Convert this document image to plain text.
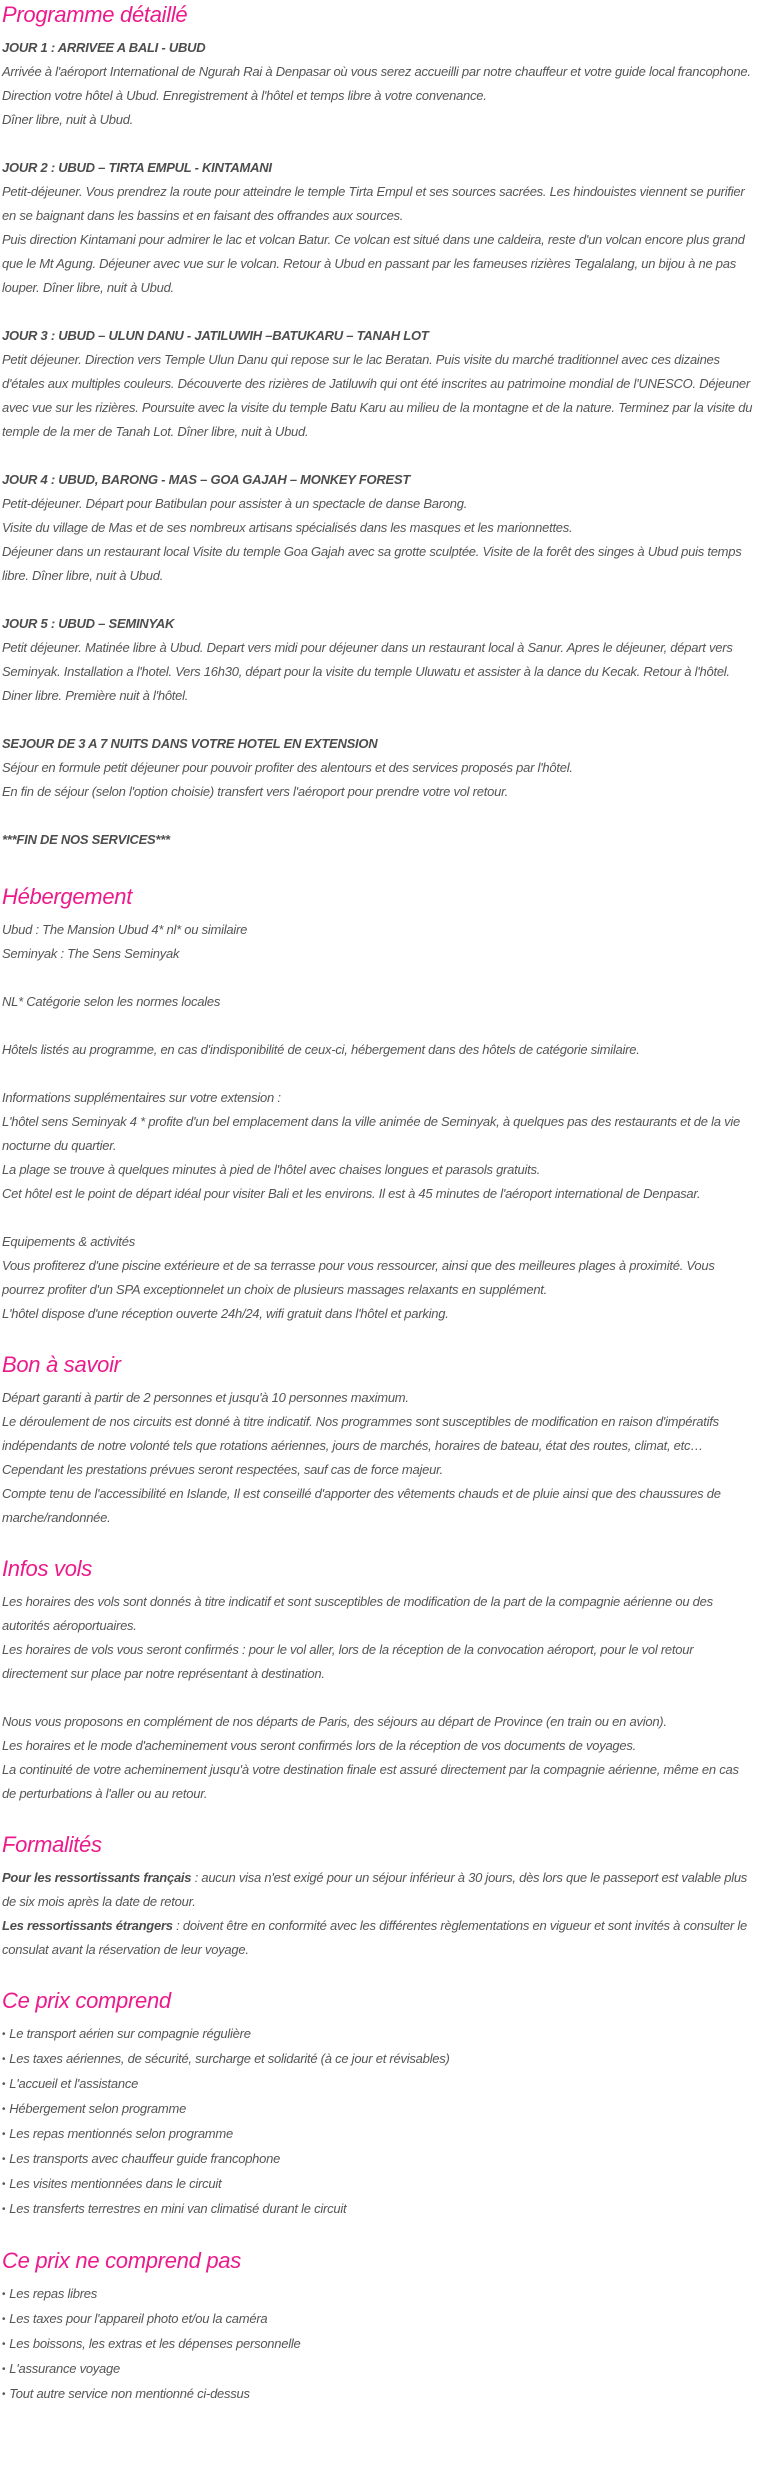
Programme détaillé

JOUR 1 : ARRIVEE A BALI - UBUD

Arrivée à l'aéroport International de Ngurah Rai à Denpasar où vous serez accueilli par notre chauffeur et votre guide local francophone. Direction votre hôtel à Ubud. Enregistrement à l'hôtel et temps libre à votre convenance.

Dîner libre, nuit à Ubud.

JOUR 2 : UBUD – TIRTA EMPUL - KINTAMANI

Petit-déjeuner. Vous prendrez la route pour atteindre le temple Tirta Empul et ses sources sacrées. Les hindouistes viennent se purifier en se baignant dans les bassins et en faisant des offrandes aux sources.

Puis direction Kintamani pour admirer le lac et volcan Batur. Ce volcan est situé dans une caldeira, reste d'un volcan encore plus grand que le Mt Agung. Déjeuner avec vue sur le volcan. Retour à Ubud en passant par les fameuses rizières Tegalalang, un bijou à ne pas louper. Dîner libre, nuit à Ubud.

JOUR 3 : UBUD – ULUN DANU - JATILUWIH –BATUKARU – TANAH LOT

Petit déjeuner. Direction vers Temple Ulun Danu qui repose sur le lac Beratan. Puis visite du marché traditionnel avec ces dizaines d'étales aux multiples couleurs. Découverte des rizières de Jatiluwih qui ont été inscrites au patrimoine mondial de l'UNESCO. Déjeuner avec vue sur les rizières. Poursuite avec la visite du temple Batu Karu au milieu de la montagne et de la nature. Terminez par la visite du temple de la mer de Tanah Lot. Dîner libre, nuit à Ubud.

JOUR 4 : UBUD, BARONG - MAS – GOA GAJAH – MONKEY FOREST

Petit-déjeuner. Départ pour Batibulan pour assister à un spectacle de danse Barong.

Visite du village de Mas et de ses nombreux artisans spécialisés dans les masques et les marionnettes.

Déjeuner dans un restaurant local Visite du temple Goa Gajah avec sa grotte sculptée. Visite de la forêt des singes à Ubud puis temps libre. Dîner libre, nuit à Ubud.

JOUR 5 : UBUD – SEMINYAK

Petit déjeuner. Matinée libre à Ubud. Depart vers midi pour déjeuner dans un restaurant local à Sanur. Apres le déjeuner, départ vers Seminyak. Installation a l'hotel. Vers 16h30, départ pour la visite du temple Uluwatu et assister à la dance du Kecak. Retour à l'hôtel. Diner libre. Première nuit à l'hôtel.

SEJOUR DE 3 A 7 NUITS DANS VOTRE HOTEL EN EXTENSION

Séjour en formule petit déjeuner pour pouvoir profiter des alentours et des services proposés par l'hôtel.

En fin de séjour (selon l'option choisie) transfert vers l'aéroport pour prendre votre vol retour.

***FIN DE NOS SERVICES***

Hébergement

Ubud : The Mansion Ubud 4* nl* ou similaire

Seminyak : The Sens Seminyak

NL* Catégorie selon les normes locales

Hôtels listés au programme, en cas d'indisponibilité de ceux-ci, hébergement dans des hôtels de catégorie similaire.

Informations supplémentaires sur votre extension :

L'hôtel sens Seminyak 4 * profite d'un bel emplacement dans la ville animée de Seminyak, à quelques pas des restaurants et de la vie nocturne du quartier.

La plage se trouve à quelques minutes à pied de l'hôtel avec chaises longues et parasols gratuits.

Cet hôtel est le point de départ idéal pour visiter Bali et les environs. Il est à 45 minutes de l'aéroport international de Denpasar.

Equipements & activités

Vous profiterez d'une piscine extérieure et de sa terrasse pour vous ressourcer, ainsi que des meilleures plages à proximité. Vous pourrez profiter d'un SPA exceptionnelet un choix de plusieurs massages relaxants en supplément.

L'hôtel dispose d'une réception ouverte 24h/24, wifi gratuit dans l'hôtel et parking.

Bon à savoir

Départ garanti à partir de 2 personnes et jusqu'à 10 personnes maximum.

Le déroulement de nos circuits est donné à titre indicatif. Nos programmes sont susceptibles de modification en raison d'impératifs indépendants de notre volonté tels que rotations aériennes, jours de marchés, horaires de bateau, état des routes, climat, etc… Cependant les prestations prévues seront respectées, sauf cas de force majeur.

Compte tenu de l'accessibilité en Islande, Il est conseillé d'apporter des vêtements chauds et de pluie ainsi que des chaussures de marche/randonnée.

Infos vols

Les horaires des vols sont donnés à titre indicatif et sont susceptibles de modification de la part de la compagnie aérienne ou des autorités aéroportuaires.

Les horaires de vols vous seront confirmés : pour le vol aller, lors de la réception de la convocation aéroport, pour le vol retour directement sur place par notre représentant à destination.

Nous vous proposons en complément de nos départs de Paris, des séjours au départ de Province (en train ou en avion).

Les horaires et le mode d'acheminement vous seront confirmés lors de la réception de vos documents de voyages.

La continuité de votre acheminement jusqu'à votre destination finale est assuré directement par la compagnie aérienne, même en cas de perturbations à l'aller ou au retour.

Formalités

Pour les ressortissants français : aucun visa n'est exigé pour un séjour inférieur à 30 jours, dès lors que le passeport est valable plus de six mois après la date de retour.

Les ressortissants étrangers : doivent être en conformité avec les différentes règlementations en vigueur et sont invités à consulter le consulat avant la réservation de leur voyage.

Ce prix comprend
• Le transport aérien sur compagnie régulière
• Les taxes aériennes, de sécurité, surcharge et solidarité (à ce jour et révisables)
• L'accueil et l'assistance
• Hébergement selon programme
• Les repas mentionnés selon programme
• Les transports avec chauffeur guide francophone
• Les visites mentionnées dans le circuit
• Les transferts terrestres en mini van climatisé durant le circuit
Ce prix ne comprend pas
• Les repas libres
• Les taxes pour l'appareil photo et/ou la caméra
• Les boissons, les extras et les dépenses personnelle
• L'assurance voyage
• Tout autre service non mentionné ci-dessus
